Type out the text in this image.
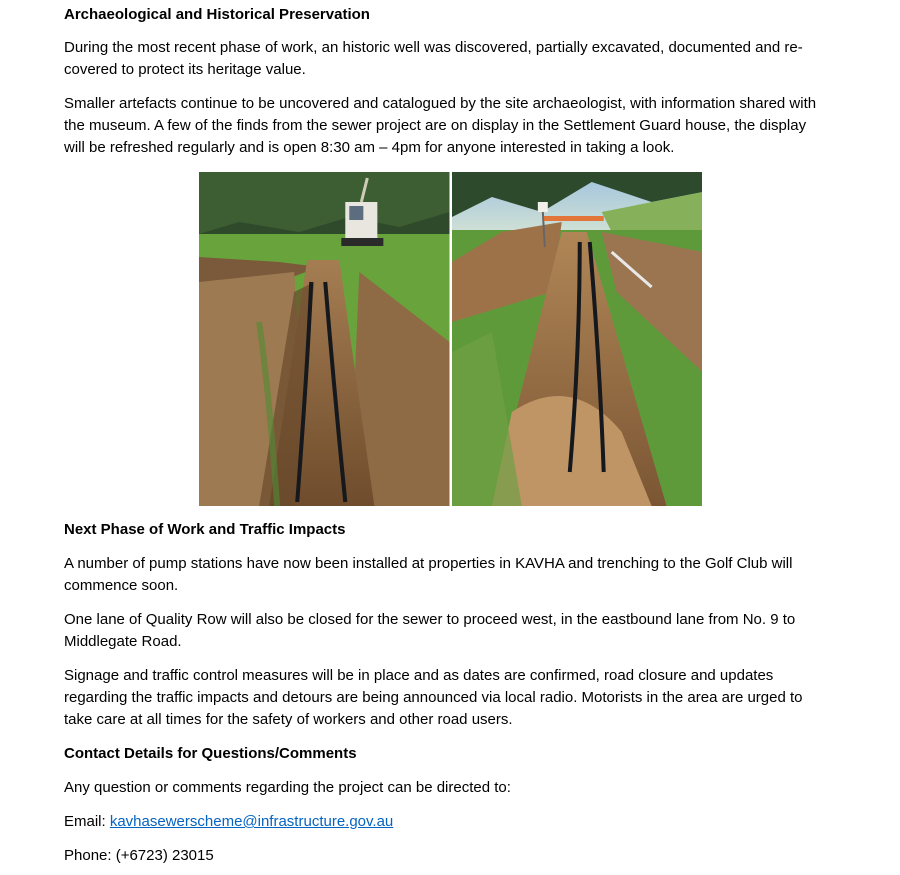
Archaeological and Historical Preservation

During the most recent phase of work, an historic well was discovered, partially excavated, documented and re- covered to protect its heritage value.

Smaller artefacts continue to be uncovered and catalogued by the site archaeologist, with information shared with the museum. A few of the finds from the sewer project are on display in the Settlement Guard house, the display will be refreshed regularly and is open 8:30 am – 4pm for anyone interested in taking a look.

Next Phase of Work and Traffic Impacts

A number of pump stations have now been installed at properties in KAVHA and trenching to the Golf Club will commence soon.

One lane of Quality Row will also be closed for the sewer to proceed west, in the eastbound lane from No. 9 to Middlegate Road.

Signage and traffic control measures will be in place and as dates are confirmed, road closure and updates regarding the traffic impacts and detours are being announced via local radio. Motorists in the area are urged to take care at all times for the safety of workers and other road users.

Contact Details for Questions/Comments

Any question or comments regarding the project can be directed to:

Email: kavhasewerscheme@infrastructure.gov.au

Phone: (+6723) 23015
